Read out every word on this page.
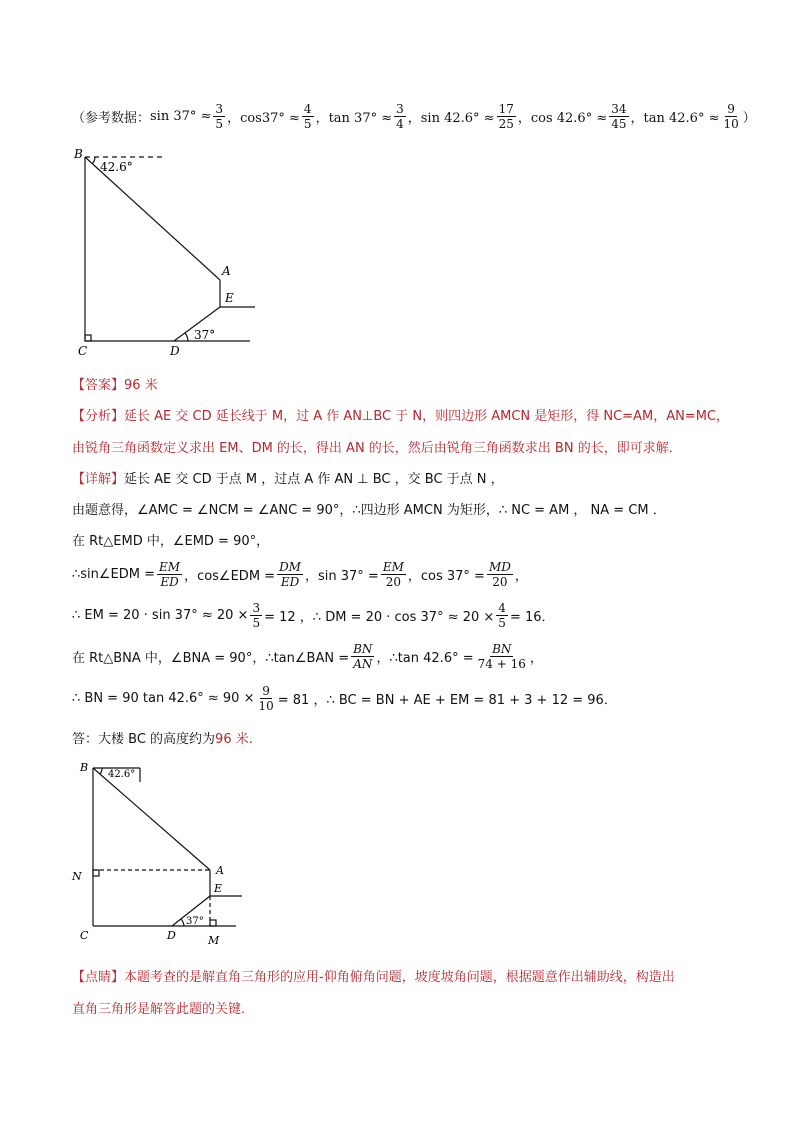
（参考数据： $\sin 37^\circ \approx \frac{3}{5}$ ，$\cos 37^\circ \approx \frac{4}{5}$ ，$\tan 37^\circ \approx \frac{3}{4}$ ，$\sin 42.6^\circ \approx \frac{17}{25}$ ，$\cos 42.6^\circ \approx \frac{34}{45}$ ，$\tan 42.6^\circ \approx \frac{9}{10}$ ）
B
42.6°
A
E
37°
C	D
【答案】 96 米
【分析】 延长 AE 交 CD 延长线于 M，过 A 作 AN⊥BC 于 N，则四边形 AMCN 是矩形，得 NC=AM，AN=MC，
由锐角三角函数定义求出 EM、DM 的长，得出 AN 的长，然后由锐角三角函数求出 BN 的长，即可求解．
【详解】 延长 AE 交 CD 于点 M ，过点 A 作 AN ⊥ BC ，交 BC 于点 N ，
由题意得，∠AMC = ∠NCM = ∠ANC = 90°，∴四边形 AMCN 为矩形，∴ NC = AM ， NA = CM ．
在 Rt△EMD 中，∠EMD = 90°，
∴sin∠EDM = $\frac{EM}{ED}$ ，cos∠EDM = $\frac{DM}{ED}$ ，$\sin 37^\circ = \frac{EM}{20}$ ，$\cos 37^\circ = \frac{MD}{20}$ ，
∴ EM = $20 \cdot \sin 37^\circ \approx 20 \times \frac{3}{5} = 12$ ，∴ DM = $20 \cdot \cos 37^\circ \approx 20 \times \frac{4}{5} = 16$．
在 Rt△BNA 中，∠BNA = 90°，∴tan∠BAN = $\frac{BN}{AN}$ ，∴tan $42.6^\circ = \frac{BN}{74 + 16}$ ，
∴ BN = 90 $\tan 42.6^\circ \approx 90 \times \frac{9}{10} = 81$ ，∴ BC = BN + AE + EM = 81 + 3 + 12 = 96．
答：大楼 BC 的高度约为 96 米.
B
42.6°
N	A
E
37°
C	D	M
【点睛】 本题考查的是解直角三角形的应用-仰角俯角问题，坡度坡角问题，根据题意作出辅助线，构造出
直角三角形是解答此题的关键．
